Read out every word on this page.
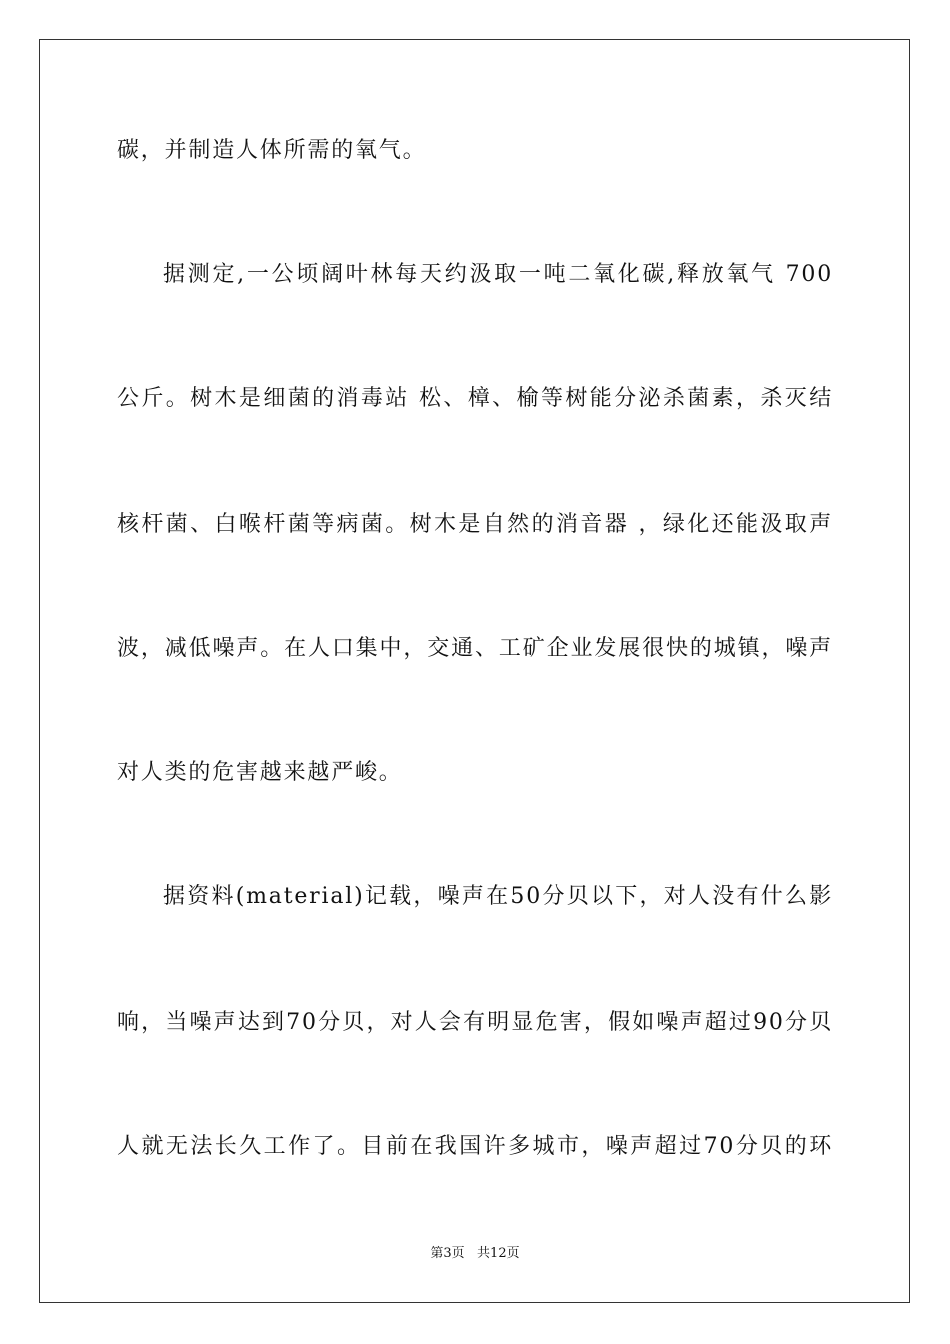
碳，并制造人体所需的氧气。
据测定,一公顷阔叶林每天约汲取一吨二氧化碳,释放氧气 700
公斤。树木是细菌的消毒站 松、樟、榆等树能分泌杀菌素，杀灭结
核杆菌、白喉杆菌等病菌。树木是自然的消音器 ，绿化还能汲取声
波，减低噪声。在人口集中，交通、工矿企业发展很快的城镇，噪声
对人类的危害越来越严峻。
据资料(material)记载，噪声在50分贝以下，对人没有什么影
响，当噪声达到70分贝，对人会有明显危害，假如噪声超过90分贝
人就无法长久工作了。目前在我国许多城市，噪声超过70分贝的环
第3页   共12页
